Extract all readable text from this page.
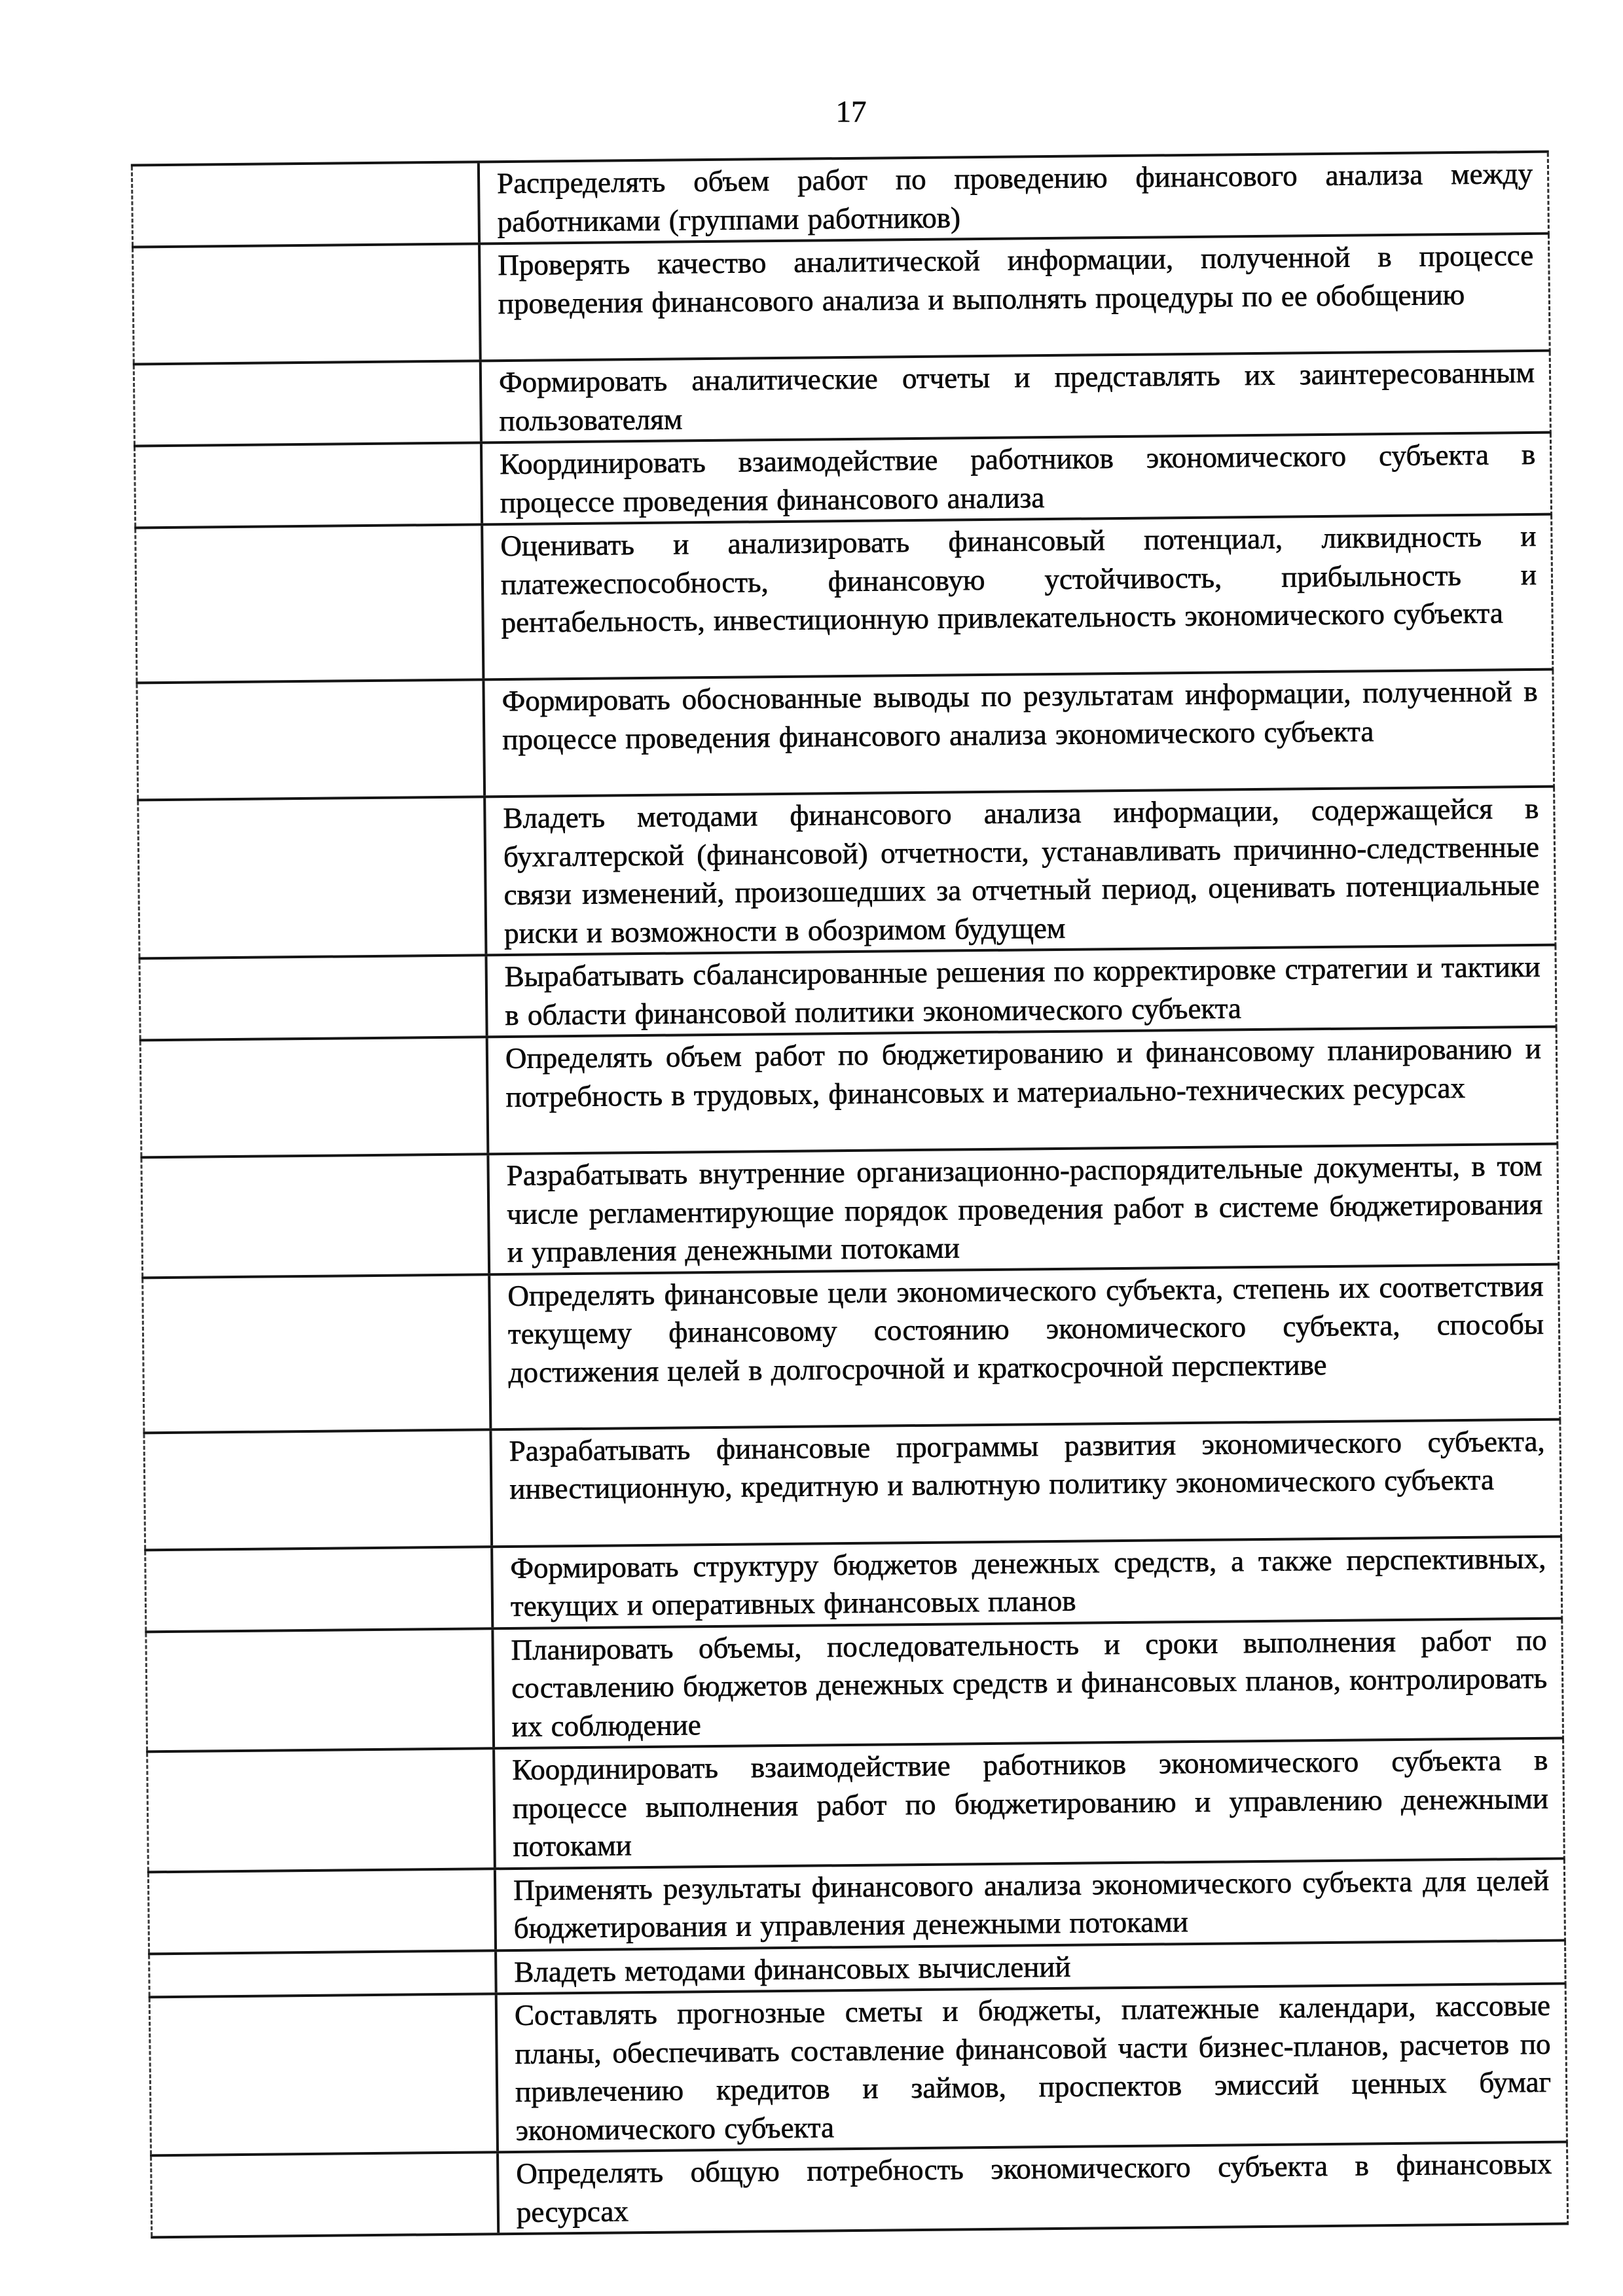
17
Распределять объем работ по проведению финансового анализа между работниками (группами работников)
Проверять качество аналитической информации, полученной в процессе проведения финансового анализа и выполнять процедуры по ее обобщению
Формировать аналитические отчеты и представлять их заинтересованным пользователям
Координировать взаимодействие работников экономического субъекта в процессе проведения финансового анализа
Оценивать и анализировать финансовый потенциал, ликвидность и платежеспособность, финансовую устойчивость, прибыльность и рентабельность, инвестиционную привлекательность экономического субъекта
Формировать обоснованные выводы по результатам информации, полученной в процессе проведения финансового анализа экономического субъекта
Владеть методами финансового анализа информации, содержащейся в бухгалтерской (финансовой) отчетности, устанавливать причинно-следственные связи изменений, произошедших за отчетный период, оценивать потенциальные риски и возможности в обозримом будущем
Вырабатывать сбалансированные решения по корректировке стратегии и тактики в области финансовой политики экономического субъекта
Определять объем работ по бюджетированию и финансовому планированию и потребность в трудовых, финансовых и материально-технических ресурсах
Разрабатывать внутренние организационно-распорядительные документы, в том числе регламентирующие порядок проведения работ в системе бюджетирования и управления денежными потоками
Определять финансовые цели экономического субъекта, степень их соответствия текущему финансовому состоянию экономического субъекта, способы достижения целей в долгосрочной и краткосрочной перспективе
Разрабатывать финансовые программы развития экономического субъекта, инвестиционную, кредитную и валютную политику экономического субъекта
Формировать структуру бюджетов денежных средств, а также перспективных, текущих и оперативных финансовых планов
Планировать объемы, последовательность и сроки выполнения работ по составлению бюджетов денежных средств и финансовых планов, контролировать их соблюдение
Координировать взаимодействие работников экономического субъекта в процессе выполнения работ по бюджетированию и управлению денежными потоками
Применять результаты финансового анализа экономического субъекта для целей бюджетирования и управления денежными потоками
Владеть методами финансовых вычислений
Составлять прогнозные сметы и бюджеты, платежные календари, кассовые планы, обеспечивать составление финансовой части бизнес-планов, расчетов по привлечению кредитов и займов, проспектов эмиссий ценных бумаг экономического субъекта
Определять общую потребность экономического субъекта в финансовых ресурсах
